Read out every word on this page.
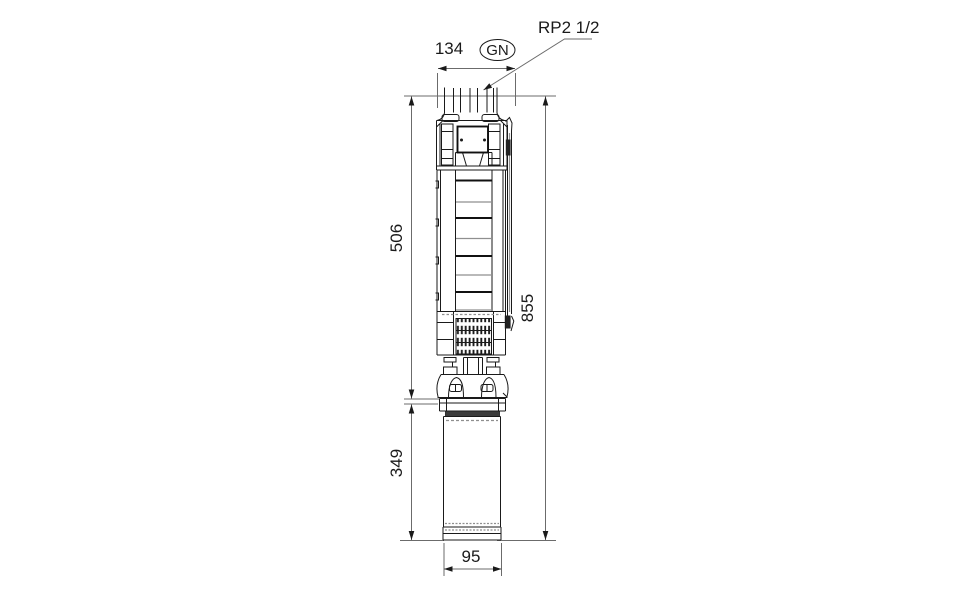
134 GN
RP2 1/2
506
349
855
95
